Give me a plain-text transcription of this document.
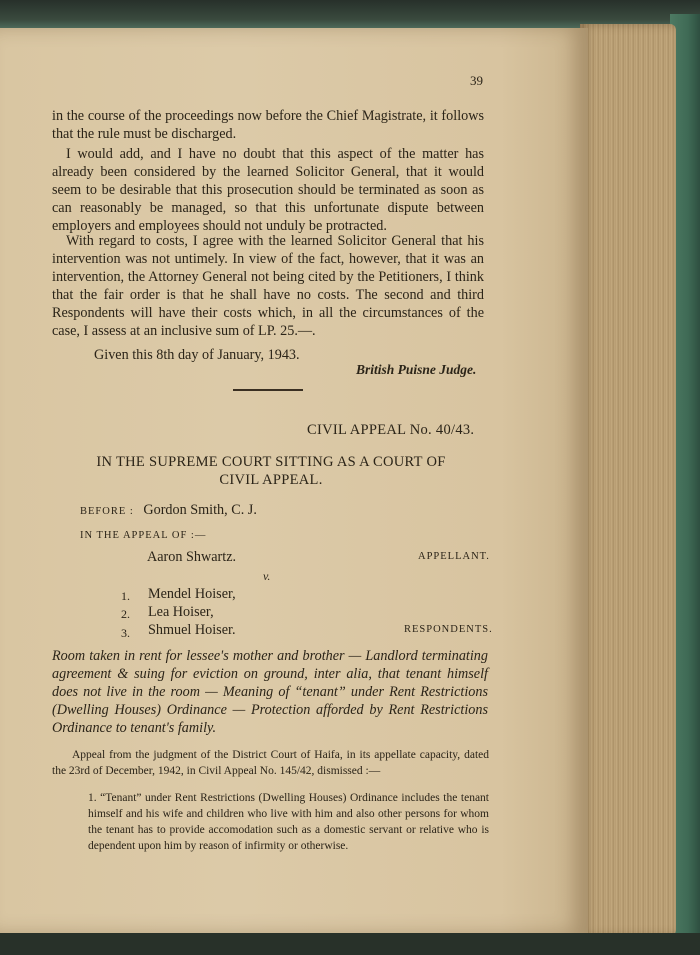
39
in the course of the proceedings now before the Chief Magistrate, it follows that the rule must be discharged.
I would add, and I have no doubt that this aspect of the matter has already been considered by the learned Solicitor General, that it would seem to be desirable that this prosecution should be terminated as soon as can reasonably be managed, so that this unfortunate dispute between employers and employees should not unduly be protracted.
With regard to costs, I agree with the learned Solicitor General that his intervention was not untimely. In view of the fact, however, that it was an intervention, the Attorney General not being cited by the Petitioners, I think that the fair order is that he shall have no costs. The second and third Respondents will have their costs which, in all the circumstances of the case, I assess at an inclusive sum of LP. 25.—.
Given this 8th day of January, 1943.
British Puisne Judge.
CIVIL APPEAL No. 40/43.
IN THE SUPREME COURT SITTING AS A COURT OF
CIVIL APPEAL.
BEFORE : Gordon Smith, C. J.
IN THE APPEAL OF :—
Aaron Shwartz.	APPELLANT.
v.
1. Mendel Hoiser,
2. Lea Hoiser,
3. Shmuel Hoiser.	RESPONDENTS.
Room taken in rent for lessee's mother and brother — Landlord terminating agreement & suing for eviction on ground, inter alia, that tenant himself does not live in the room — Meaning of “tenant” under Rent Restrictions (Dwelling Houses) Ordinance — Protection afforded by Rent Restrictions Ordinance to tenant's family.
Appeal from the judgment of the District Court of Haifa, in its appellate capacity, dated the 23rd of December, 1942, in Civil Appeal No. 145/42, dismissed :—
1. “Tenant” under Rent Restrictions (Dwelling Houses) Ordinance includes the tenant himself and his wife and children who live with him and also other persons for whom the tenant has to provide accomodation such as a domestic servant or relative who is dependent upon him by reason of infirmity or otherwise.
